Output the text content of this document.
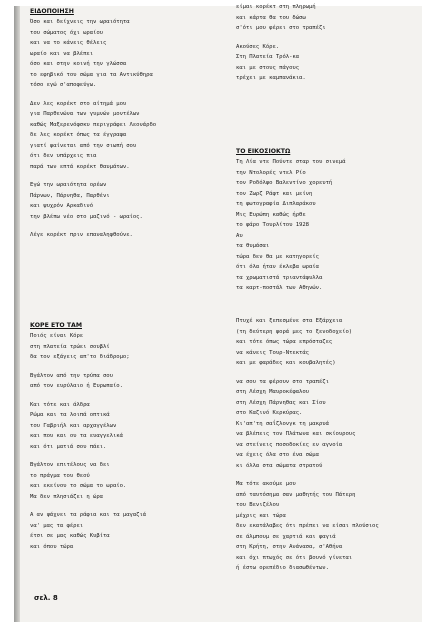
ΕΙΔΟΠΟΙΗΣΗ
Όσο και δείχνεις την ωραιότητα
του σώματος όχι ωραίου
και να το κάνεις θέλεις
ωραίο και να βλέπει
όσο και στην κοινή την γλώσσα
το εφηβικό του σώμα για τα Αντικύθηρα
τόσο εγώ σ'αποφεύγω.
Δεν λες κορέκτ στο αίτημά μου
για Παρθενώνα των γυμνών μοντέλων
καθώς Μαξερενόφσκυ περιγράφει Λεονάρδο
δε λες κορέκτ όπως τα έγγραφα
γιατί φαίνεται από την σιωπή σου
ότι δεν υπάρχεις πια
παρά των επτά κορέκτ θαυμάτων.
Εγώ την ωραιότητα ορέων
Πάρνων, Πάρνηθα, Παρθένι
και ψυχρόν Αρκαδινό
την βλέπω νέο στο μαζινό - ωραίος.
Λέγε κορέκτ πριν επαναληφθούνε.
ΚΟΡΕ ΕΤΟ ΤΑΜ
Ποιός είναι Κόρε
στη πλατεία τρώει σουβλί
δα τον εξάγεις απ'το διάδρομο;
Βγάλτον από την τρύπα σου
από τον ευρύλαιο ή Ευρωπαίο.
Και τότε και άλδρα
Ρώμα και τα λοιπά οπτικά
του Γαβριήλ και αρχαγγέλων
και που και ου τα ευαγγελικά
και ότι ματιά σου πάει.
Βγάλτον επιτέλους να δει
το πράγμα του θεού
και εκείνου το σώμα το ωραίο.
Μα δεν πλησιάζει η ώρα
Α αν ψάχνει τα ράφια και τα μαγαζιά
να' μας τα φέρει
έτσι σε μας καθώς Κυβίτα
και όπου τώρα
είμαι κορέκτ στη πληρωμή
και κάρτα θα του δώσω
σ'ότι μου φέρει στο τραπέζι
Ακούσες Κόρε.
Στη Πλατεία Τρόλ-κα
και με στους πάγους
τρέχει με καμπανάκια.
ΤΟ ΕΙΚΟΣΙΟΚΤΩ
Τη Λία ντε Πούντε σταρ του σινεμά
την Ντολορές ντελ Ρίο
τον Ροδόλφο Βαλεντίνο χορευτή
τον Ζωρζ Ράφτ και μείνη
τη φωτογραφία Διπλαράκου
Μις Ευρώπη καθώς ήρθε
το φάρο Τουρλίτου 1928
Αυ
τα θυμάσαι
τώρα δεν θα με κατηγορείς
ότι όλα ήταν έκλεβα ωραία
τα χρωματιστά τριαντάφυλλα
τα καρτ-ποστάλ των Αθηνών.
Πτυχέ και ξεπεσμένε στα Εξάρχεια
(τη δεύτερη φορά μες το ξενοδοχείο)
και τότε όπως τώρα επρόσταζες
να κάνεις Τουρ-Ντεκτάς
και με φαράδες και κουβαλητές)
να σου τα φέρουν στο τραπέζι
στη Λέσχη Μαυροκέφαλου
στη Λέσχη Πάρνηθας και Σίου
στο Καζινό Κερκύρας.
Κι'απ'τη σαΐζλονγκ τη μακρυά
να βλέπεις τον Πλάτωνα και σκίουρους
να στείνεις ποσοδοκίες εν αγνοία
να έχεις όλα στο ένα σώμα
κι όλλα στα σώματα στρατού
Μα τότε ακούμε μου
από ταυτόσημα σαν μαθητής του Πάτερη
του Βενιζέλου
μέχρις και τώρα
δεν εκατάλαβες ότι πρέπει να είσαι πλούσιος
σε άλμπουμ σε χαρτιά και φαγιά
στη Κρήτη, στην Ανάνασα, σ'Αθήνα
και όχι πτωχός σε ότι βουνό γίνεται
ή έστω ορεπέδιο διασωθέντων.
σελ. 8
